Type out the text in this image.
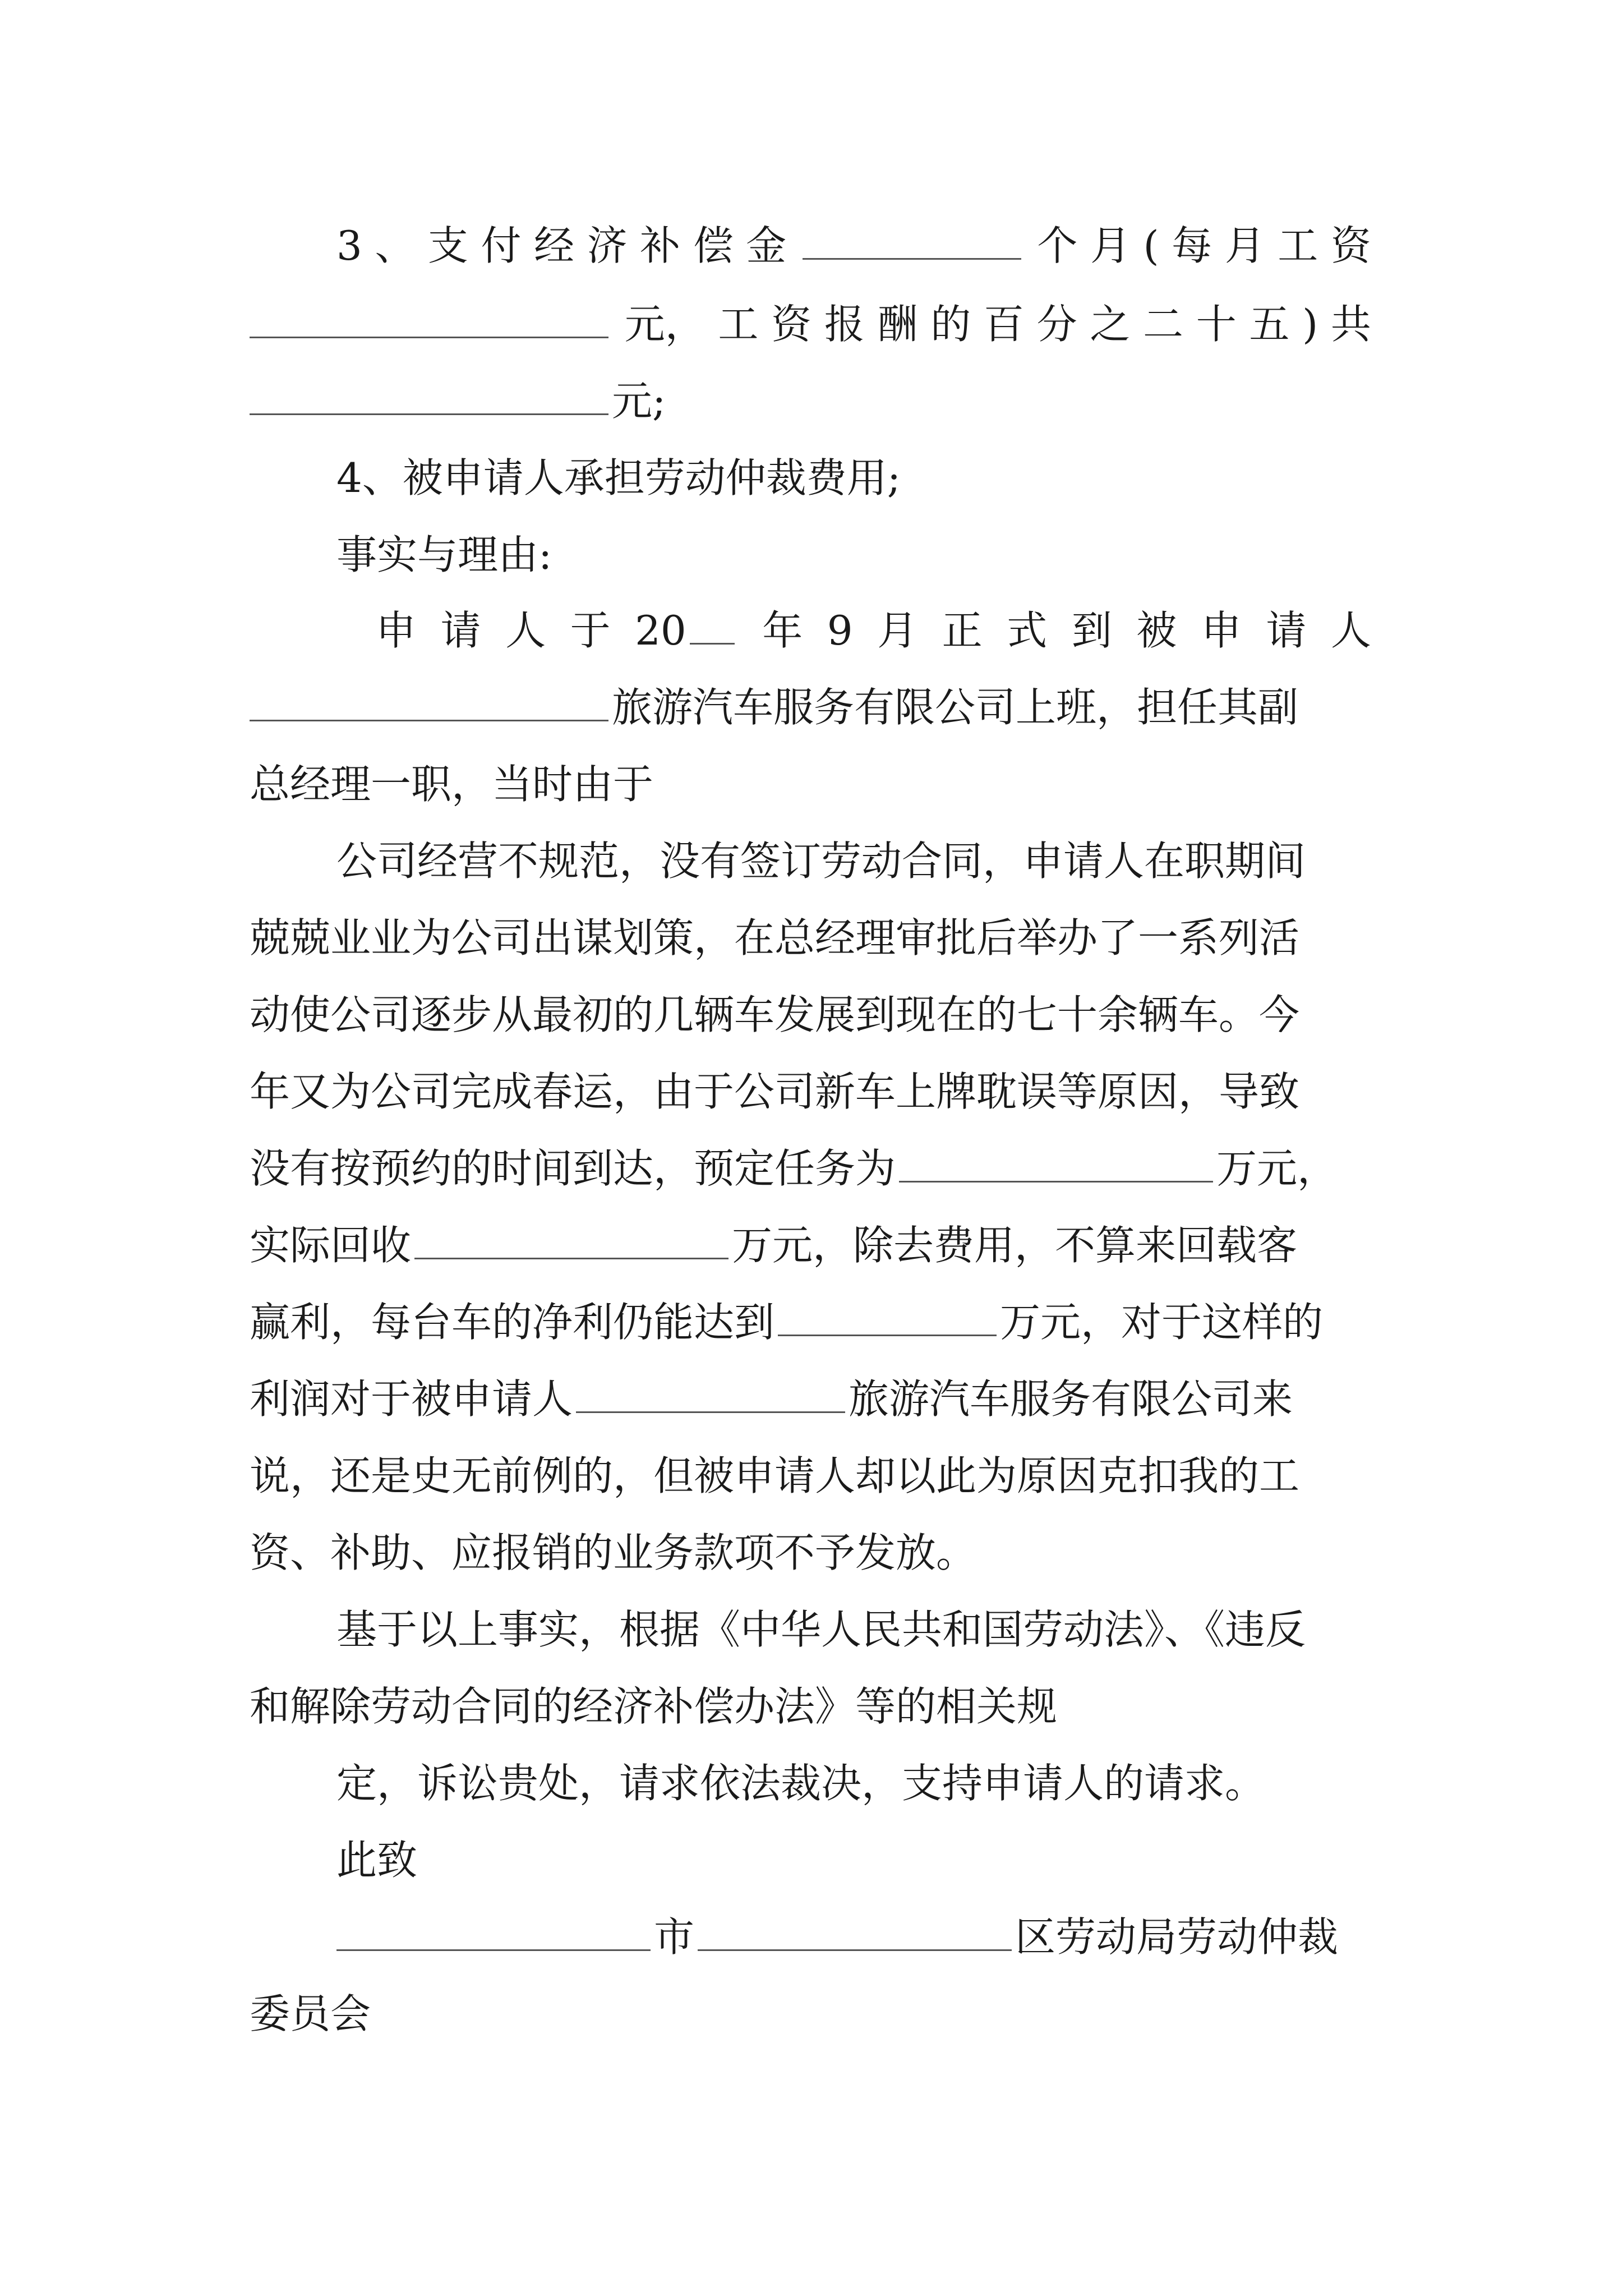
3 、 支 付 经 济 补 偿 金	个 月 ( 每 月 工 资
元， 工 资 报 酬 的 百 分 之 二 十 五 ) 共
元;
4、被申请人承担劳动仲裁费用;
事实与理由:
申 请 人 于 20	年 9 月 正 式 到 被 申 请 人
旅游汽车服务有限公司上班，担任其副
总经理一职，当时由于
公司经营不规范，没有签订劳动合同，申请人在职期间
兢兢业业为公司出谋划策，在总经理审批后举办了一系列活
动使公司逐步从最初的几辆车发展到现在的七十余辆车。今
年又为公司完成春运，由于公司新车上牌耽误等原因，导致
没有按预约的时间到达，预定任务为	万元，
实际回收	万元，除去费用，不算来回载客
赢利，每台车的净利仍能达到	万元，对于这样的
利润对于被申请人	旅游汽车服务有限公司来
说，还是史无前例的，但被申请人却以此为原因克扣我的工
资、补助、应报销的业务款项不予发放。
基于以上事实，根据《中华人民共和国劳动法》、《违反
和解除劳动合同的经济补偿办法》等的相关规
定，诉讼贵处，请求依法裁决，支持申请人的请求。
此致
市	区劳动局劳动仲裁
委员会
